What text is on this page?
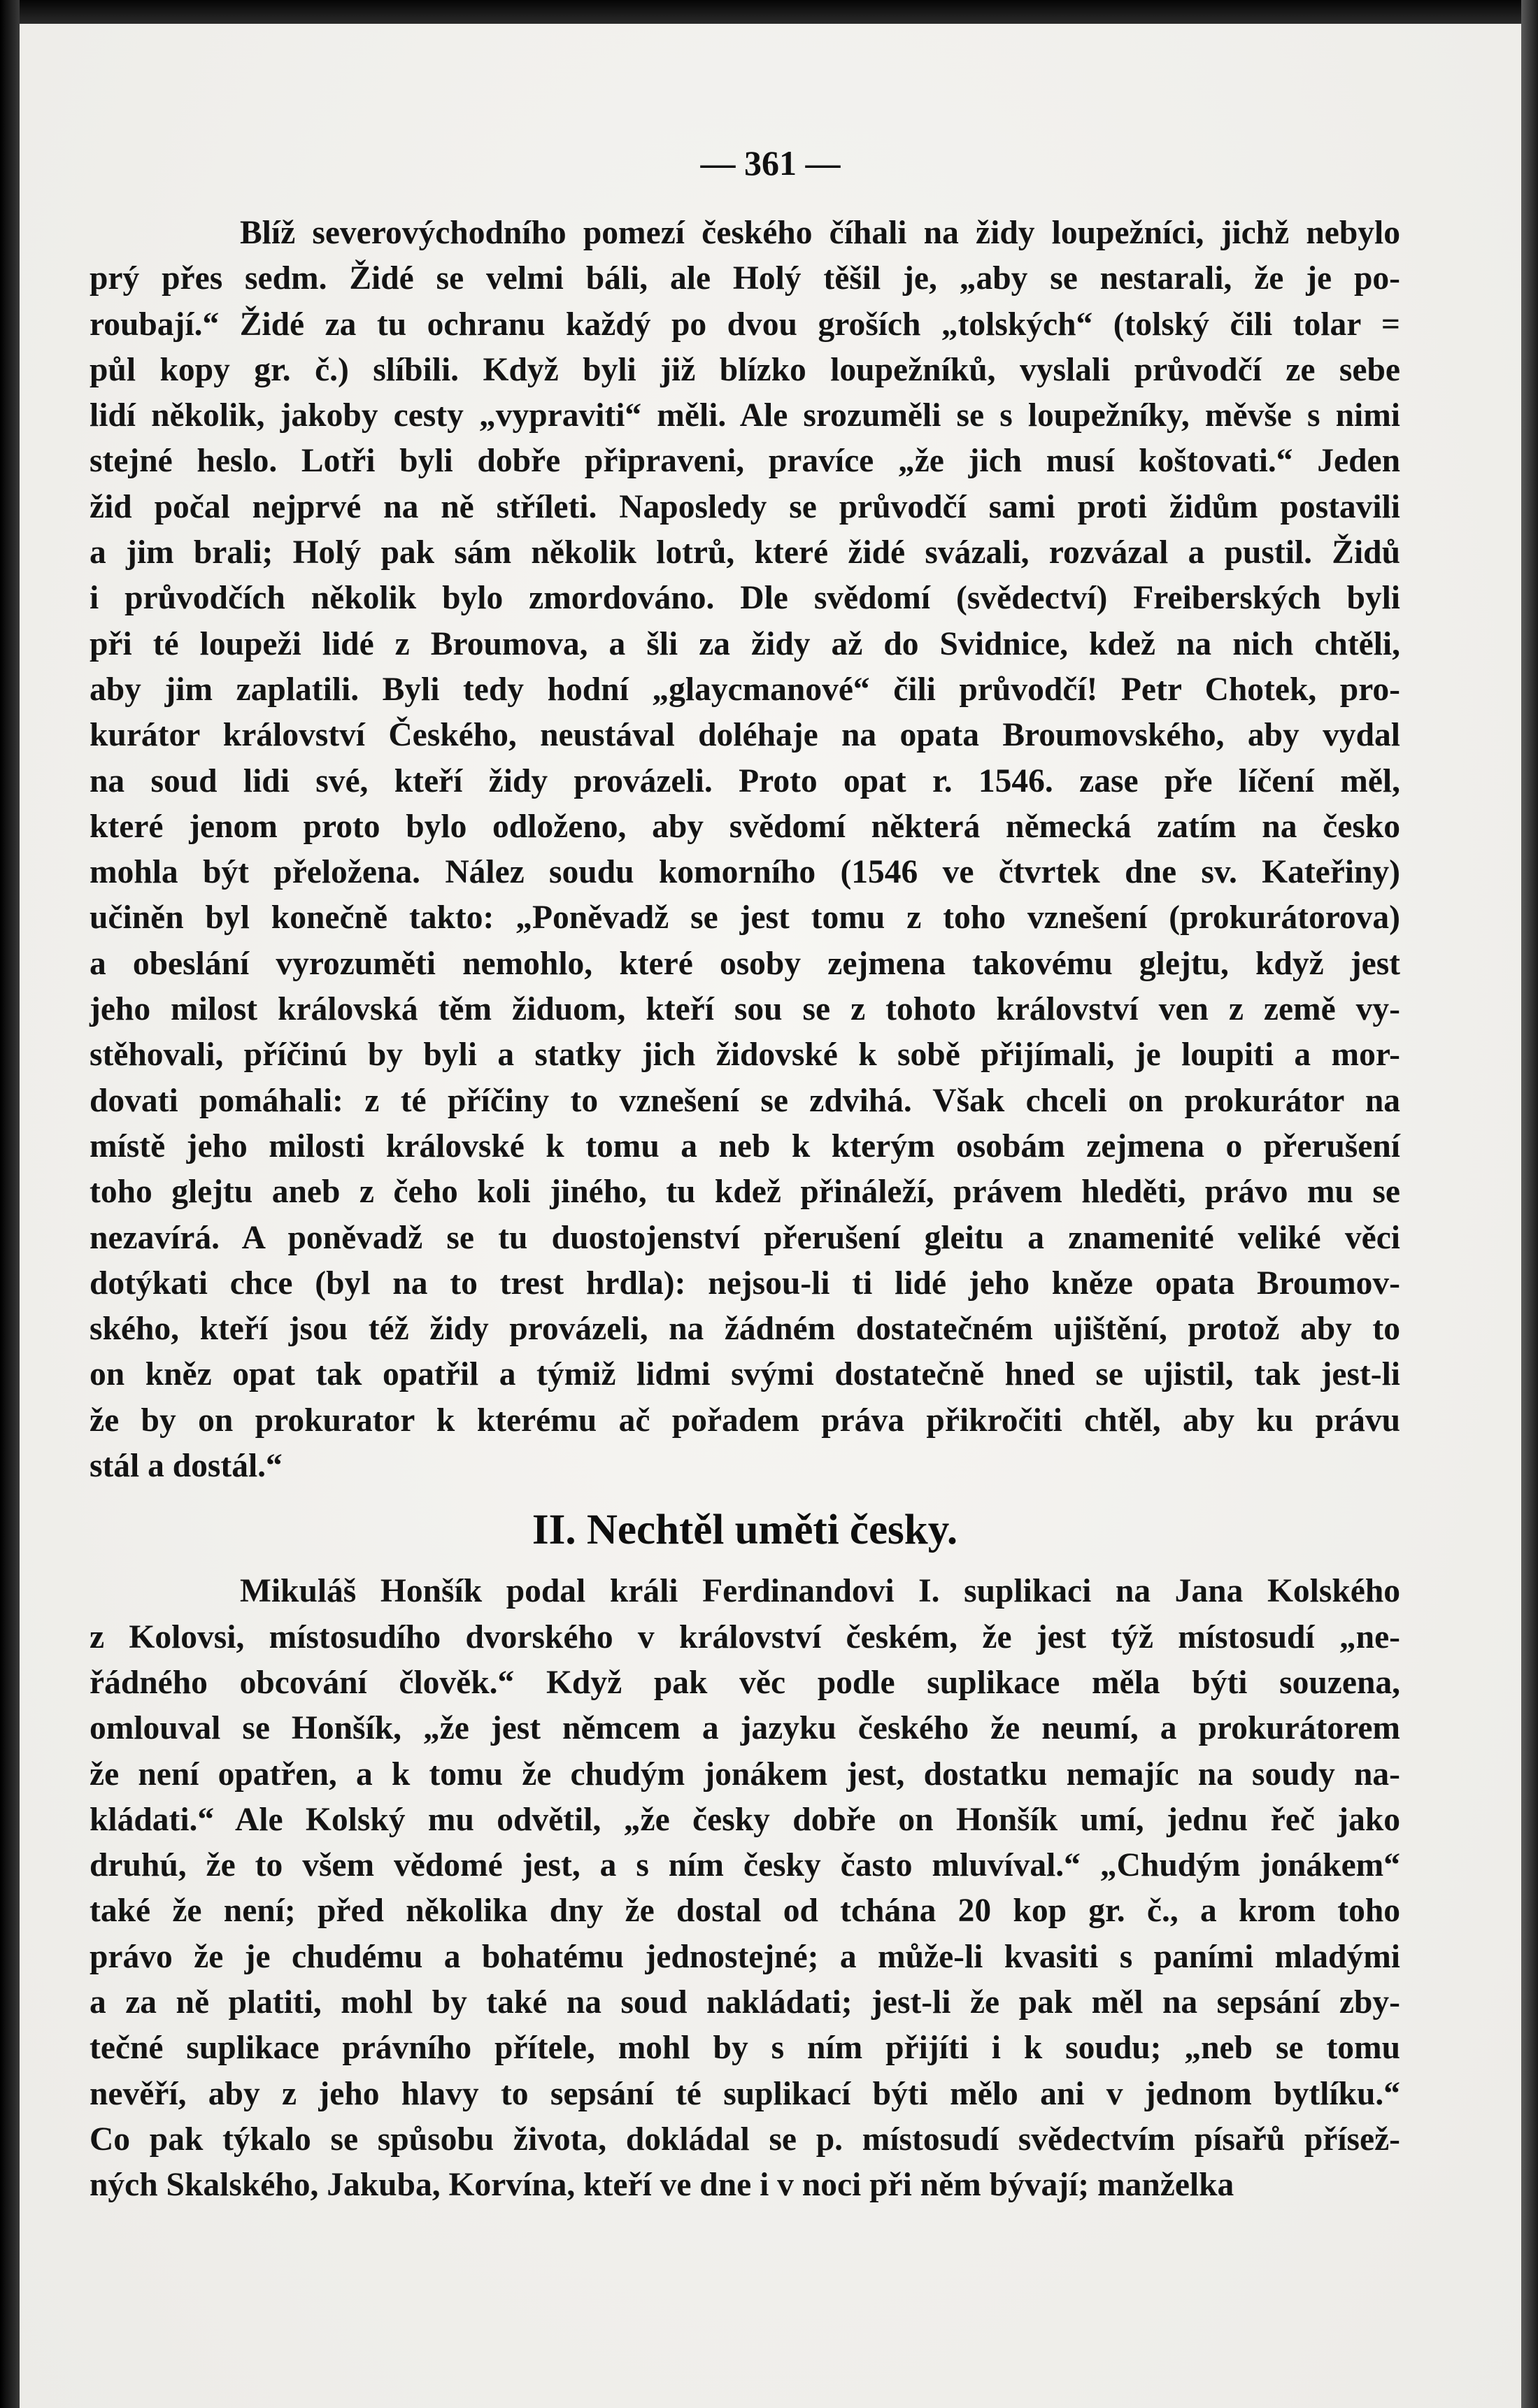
— 361 —
Blíž severovýchodního pomezí českého číhali na židy loupežníci, jichž nebylo
prý přes sedm. Židé se velmi báli, ale Holý těšil je, „aby se nestarali, že je po-
roubají.“ Židé za tu ochranu každý po dvou groších „tolských“ (tolský čili tolar =
půl kopy gr. č.) slíbili. Když byli již blízko loupežníků, vyslali průvodčí ze sebe
lidí několik, jakoby cesty „vypraviti“ měli. Ale srozuměli se s loupežníky, měvše s nimi
stejné heslo. Lotři byli dobře připraveni, pravíce „že jich musí koštovati.“ Jeden
žid počal nejprvé na ně stříleti. Naposledy se průvodčí sami proti židům postavili
a jim brali; Holý pak sám několik lotrů, které židé svázali, rozvázal a pustil. Židů
i průvodčích několik bylo zmordováno. Dle svědomí (svědectví) Freiberských byli
při té loupeži lidé z Broumova, a šli za židy až do Svidnice, kdež na nich chtěli,
aby jim zaplatili. Byli tedy hodní „glaycmanové“ čili průvodčí! Petr Chotek, pro-
kurátor království Českého, neustával doléhaje na opata Broumovského, aby vydal
na soud lidi své, kteří židy provázeli. Proto opat r. 1546. zase pře líčení měl,
které jenom proto bylo odloženo, aby svědomí některá německá zatím na česko
mohla být přeložena. Nález soudu komorního (1546 ve čtvrtek dne sv. Kateřiny)
učiněn byl konečně takto: „Poněvadž se jest tomu z toho vznešení (prokurátorova)
a obeslání vyrozuměti nemohlo, které osoby zejmena takovému glejtu, když jest
jeho milost královská těm židuom, kteří sou se z tohoto království ven z země vy-
stěhovali, příčinú by byli a statky jich židovské k sobě přijímali, je loupiti a mor-
dovati pomáhali: z té příčiny to vznešení se zdvihá. Však chceli on prokurátor na
místě jeho milosti královské k tomu a neb k kterým osobám zejmena o přerušení
toho glejtu aneb z čeho koli jiného, tu kdež přináleží, právem hleděti, právo mu se
nezavírá. A poněvadž se tu duostojenství přerušení gleitu a znamenité veliké věci
dotýkati chce (byl na to trest hrdla): nejsou-li ti lidé jeho kněze opata Broumov-
ského, kteří jsou též židy provázeli, na žádném dostatečném ujištění, protož aby to
on kněz opat tak opatřil a týmiž lidmi svými dostatečně hned se ujistil, tak jest-li
že by on prokurator k kterému ač pořadem práva přikročiti chtěl, aby ku právu
stál a dostál.“
II. Nechtěl uměti česky.
Mikuláš Honšík podal králi Ferdinandovi I. suplikaci na Jana Kolského
z Kolovsi, místosudího dvorského v království českém, že jest týž místosudí „ne-
řádného obcování člověk.“ Když pak věc podle suplikace měla býti souzena,
omlouval se Honšík, „že jest němcem a jazyku českého že neumí, a prokurátorem
že není opatřen, a k tomu že chudým jonákem jest, dostatku nemajíc na soudy na-
kládati.“ Ale Kolský mu odvětil, „že česky dobře on Honšík umí, jednu řeč jako
druhú, že to všem vědomé jest, a s ním česky často mluvíval.“ „Chudým jonákem“
také že není; před několika dny že dostal od tchána 20 kop gr. č., a krom toho
právo že je chudému a bohatému jednostejné; a může-li kvasiti s paními mladými
a za ně platiti, mohl by také na soud nakládati; jest-li že pak měl na sepsání zby-
tečné suplikace právního přítele, mohl by s ním přijíti i k soudu; „neb se tomu
nevěří, aby z jeho hlavy to sepsání té suplikací býti mělo ani v jednom bytlíku.“
Co pak týkalo se spůsobu života, dokládal se p. místosudí svědectvím písařů přísež-
ných Skalského, Jakuba, Korvína, kteří ve dne i v noci při něm bývají; manželka
